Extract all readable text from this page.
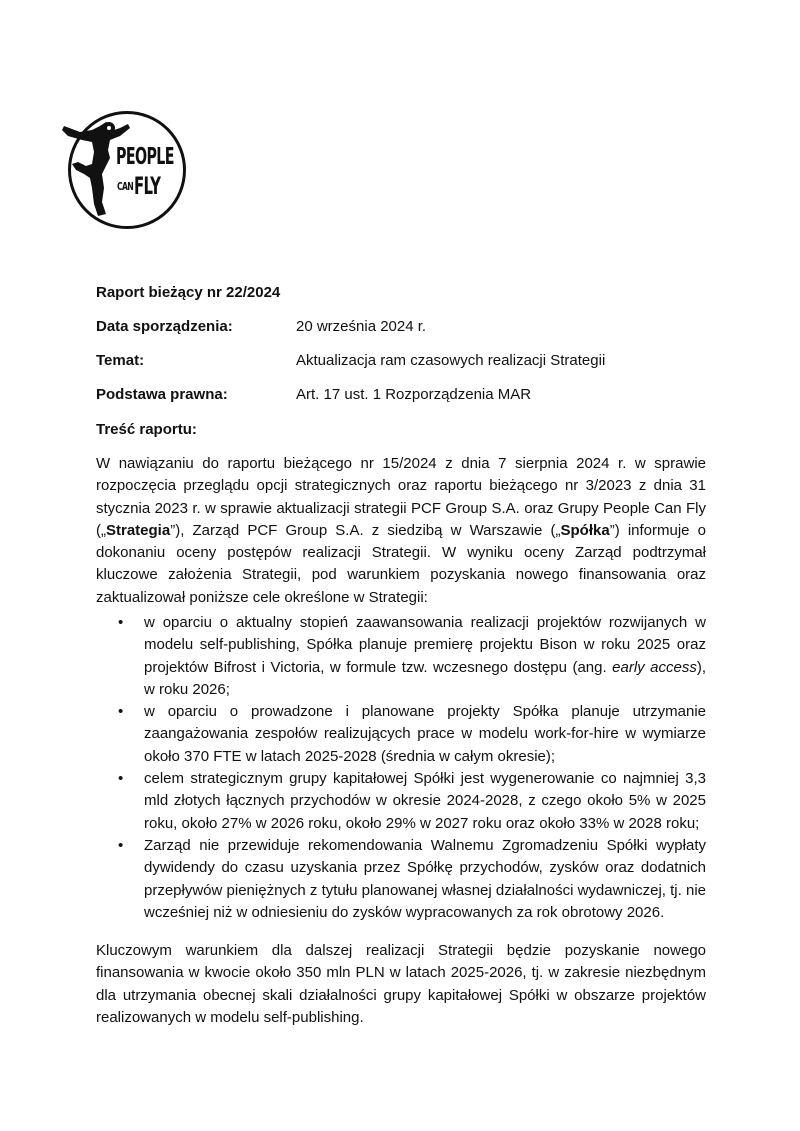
PEOPLE
CAN FLY
Raport bieżący nr 22/2024
Data sporządzenia:	20 września 2024 r.
Temat:	Aktualizacja ram czasowych realizacji Strategii
Podstawa prawna:	Art. 17 ust. 1 Rozporządzenia MAR
Treść raportu:

W nawiązaniu do raportu bieżącego nr 15/2024 z dnia 7 sierpnia 2024 r. w sprawie rozpoczęcia przeglądu opcji strategicznych oraz raportu bieżącego nr 3/2023 z dnia 31 stycznia 2023 r. w sprawie aktualizacji strategii PCF Group S.A. oraz Grupy People Can Fly („Strategia”), Zarząd PCF Group S.A. z siedzibą w Warszawie („Spółka”) informuje o dokonaniu oceny postępów realizacji Strategii. W wyniku oceny Zarząd podtrzymał kluczowe założenia Strategii, pod warunkiem pozyskania nowego finansowania oraz zaktualizował poniższe cele określone w Strategii:

• w oparciu o aktualny stopień zaawansowania realizacji projektów rozwijanych w modelu self-publishing, Spółka planuje premierę projektu Bison w roku 2025 oraz projektów Bifrost i Victoria, w formule tzw. wczesnego dostępu (ang. early access), w roku 2026;
• w oparciu o prowadzone i planowane projekty Spółka planuje utrzymanie zaangażowania zespołów realizujących prace w modelu work-for-hire w wymiarze około 370 FTE w latach 2025-2028 (średnia w całym okresie);
• celem strategicznym grupy kapitałowej Spółki jest wygenerowanie co najmniej 3,3 mld złotych łącznych przychodów w okresie 2024-2028, z czego około 5% w 2025 roku, około 27% w 2026 roku, około 29% w 2027 roku oraz około 33% w 2028 roku;
• Zarząd nie przewiduje rekomendowania Walnemu Zgromadzeniu Spółki wypłaty dywidendy do czasu uzyskania przez Spółkę przychodów, zysków oraz dodatnich przepływów pieniężnych z tytułu planowanej własnej działalności wydawniczej, tj. nie wcześniej niż w odniesieniu do zysków wypracowanych za rok obrotowy 2026.

Kluczowym warunkiem dla dalszej realizacji Strategii będzie pozyskanie nowego finansowania w kwocie około 350 mln PLN w latach 2025-2026, tj. w zakresie niezbędnym dla utrzymania obecnej skali działalności grupy kapitałowej Spółki w obszarze projektów realizowanych w modelu self-publishing.
